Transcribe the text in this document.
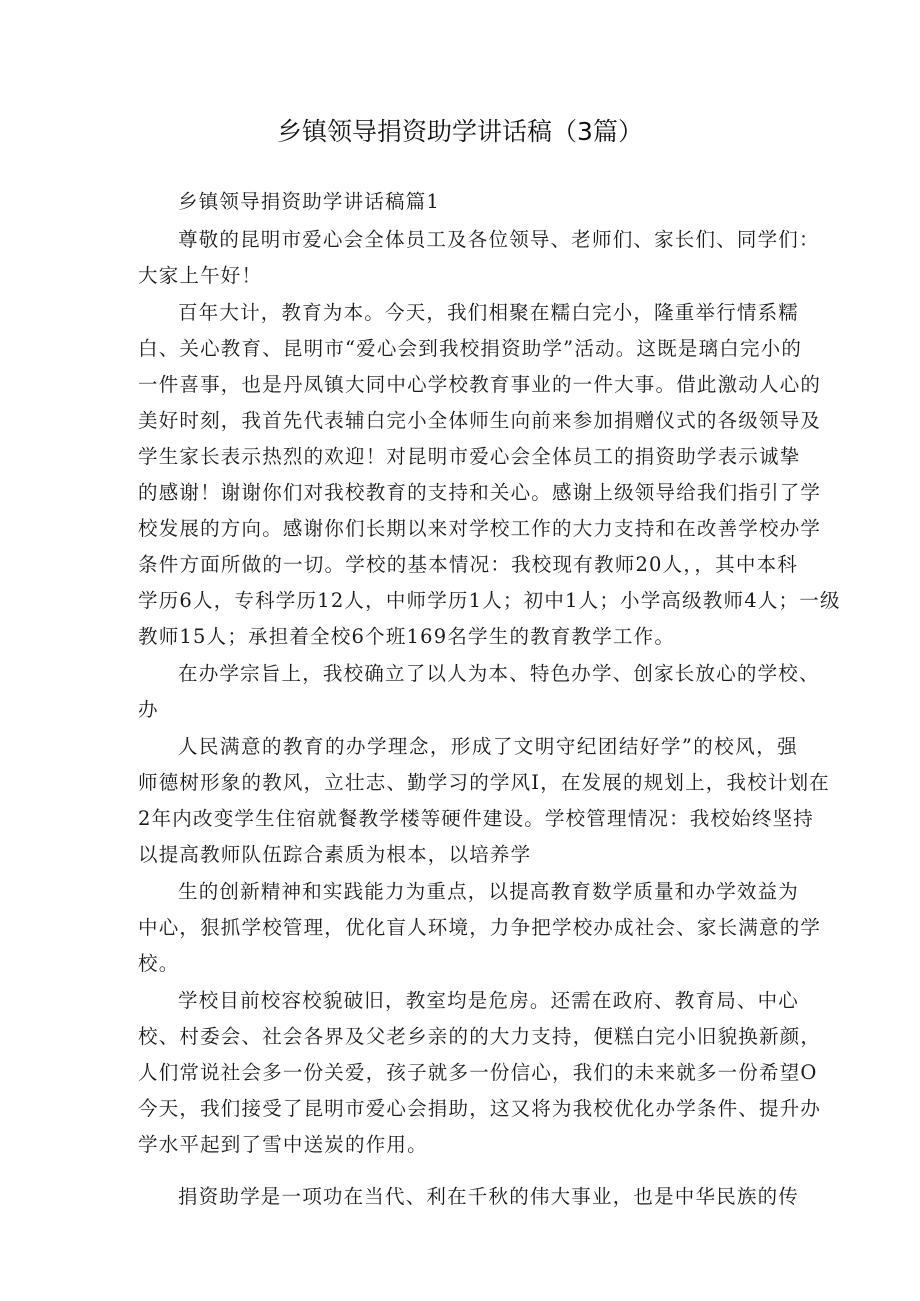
乡镇领导捐资助学讲话稿（3篇）
乡镇领导捐资助学讲话稿篇1
尊敬的昆明市爱心会全体员工及各位领导、老师们、家长们、同学们：
大家上午好！
百年大计，教育为本。今天，我们相聚在糯白完小，隆重举行情系糯
白、关心教育、昆明市“爱心会到我校捐资助学”活动。这既是璃白完小的
一件喜事，也是丹凤镇大同中心学校教育事业的一件大事。借此激动人心的
美好时刻，我首先代表辅白完小全体师生向前来参加捐赠仪式的各级领导及
学生家长表示热烈的欢迎！对昆明市爱心会全体员工的捐资助学表示诚挚
的感谢！谢谢你们对我校教育的支持和关心。感谢上级领导给我们指引了学
校发展的方向。感谢你们长期以来对学校工作的大力支持和在改善学校办学
条件方面所做的一切。学校的基本情况：我校现有教师20人，，其中本科
学历6人，专科学历12人，中师学历1人；初中1人；小学高级教师4人；一级
教师15人；承担着全校6个班169名学生的教育教学工作。
在办学宗旨上，我校确立了以人为本、特色办学、创家长放心的学校、
办
人民满意的教育的办学理念，形成了文明守纪团结好学”的校风，强
师德树形象的教风，立壮志、勤学习的学风I，在发展的规划上，我校计划在
2年内改变学生住宿就餐教学楼等硬件建设。学校管理情况：我校始终坚持
以提高教师队伍踪合素质为根本，以培养学
生的创新精神和实践能力为重点，以提高教育数学质量和办学效益为
中心，狠抓学校管理，优化盲人环境，力争把学校办成社会、家长满意的学
校。
学校目前校容校貌破旧，教室均是危房。还需在政府、教育局、中心
校、村委会、社会各界及父老乡亲的的大力支持，便糕白完小旧貌换新颜，
人们常说社会多一份关爱，孩子就多一份信心，我们的未来就多一份希望O
今天，我们接受了昆明市爱心会捐助，这又将为我校优化办学条件、提升办
学水平起到了雪中送炭的作用。
捐资助学是一项功在当代、利在千秋的伟大事业，也是中华民族的传
